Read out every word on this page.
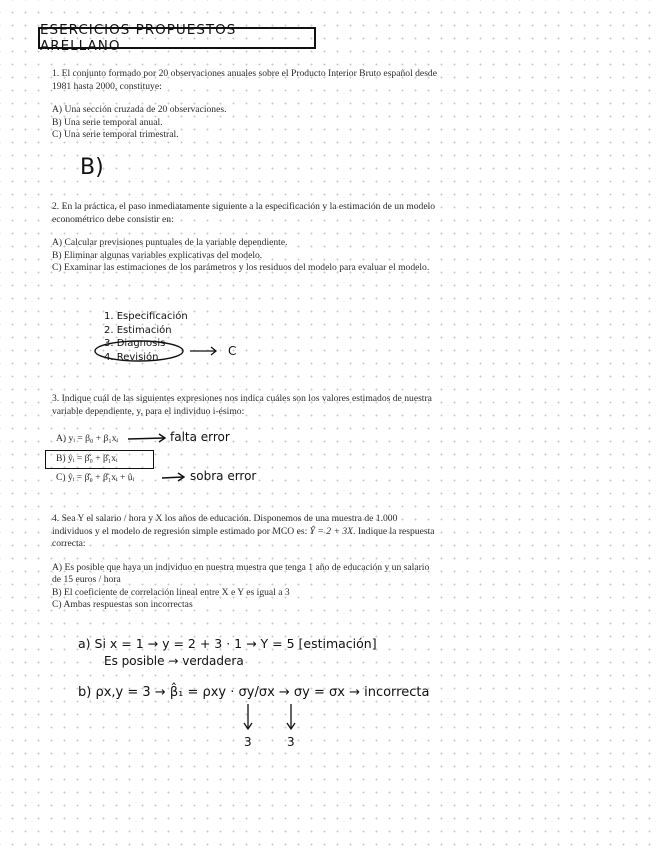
ESERCICIOS PROPUESTOS ARELLANO

1. El conjunto formado por 20 observaciones anuales sobre el Producto Interior Bruto español desde 1981 hasta 2000, constituye:

A) Una sección cruzada de 20 observaciones.

B) Una serie temporal anual.

C) Una serie temporal trimestral.

B)

2. En la práctica, el paso inmediatamente siguiente a la especificación y la estimación de un modelo econométrico debe consistir en:

A) Calcular previsiones puntuales de la variable dependiente.

B) Eliminar algunas variables explicativas del modelo.

C) Examinar las estimaciones de los parámetros y los residuos del modelo para evaluar el modelo.

1. Especificación
2. Estimación
3. Diagnosis
4. Revisión	C

3. Indique cuál de las siguientes expresiones nos indica cuáles son los valores estimados de nuestra variable dependiente, y, para el individuo i-ésimo:

A) yᵢ = β₀ + β₁xᵢ	falta error
B) ŷᵢ = β̂₀ + β̂₁xᵢ
C) ŷᵢ = β̂₀ + β̂₁xᵢ + ûᵢ	sobra error

4. Sea Y el salario / hora y X los años de educación. Disponemos de una muestra de 1.000 individuos y el modelo de regresión simple estimado por MCO es: Ŷ = 2 + 3X. Indique la respuesta correcta:

A) Es posible que haya un individuo en nuestra muestra que tenga 1 año de educación y un salario de 15 euros / hora

B) El coeficiente de correlación lineal entre X e Y es igual a 3

C) Ambas respuestas son incorrectas

a) Si x = 1 → y = 2 + 3 · 1 → Y = 5 [estimación]
Es posible → verdadera
b) ρx,y = 3 → β̂₁ = ρxy · σy/σx → σy = σx → incorrecta
3	3
